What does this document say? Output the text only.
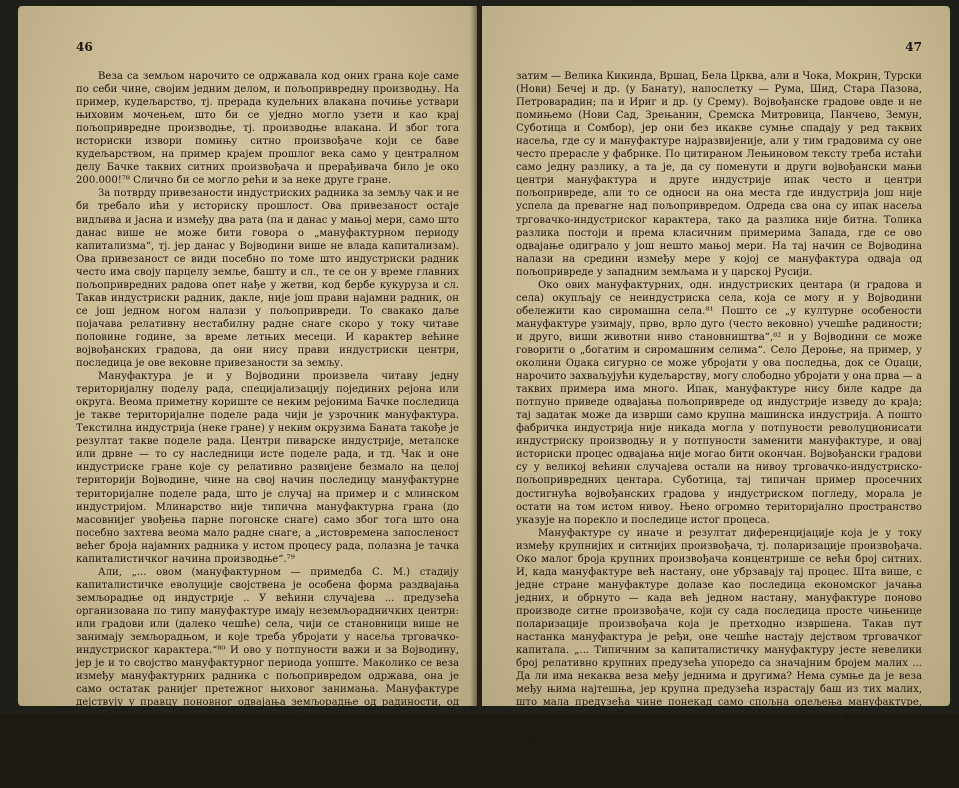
46

Веза са земљом нарочито се одржавала код оних грана које саме по себи чине, својим једним делом, и пољопривредну производњу. На пример, кудељарство, тј. прерада кудељних влакана почиње уствари њиховим мочењем, што би се уједно могло узети и као крај пољопривредне производње, тј. производње влакана. И због тога историски извори помињу ситно произвођаче који се баве кудељарством, на пример крајем прошлог века само у централном делу Бачке таквих ситних произвођача и прерађивача било је око 200.000!⁷⁸ Слично би се могло рећи и за неке друге гране.

За потврду привезаности индустриских радника за земљу чак и не би требало ићи у историску прошлост. Ова привезаност остаје видљива и јасна и између два рата (па и данас у мањој мери, само што данас више не може бити говора о „мануфактурном периоду капитализма“, тј. јер данас у Војводини више не влада капитализам). Ова привезаност се види посебно по томе што индустриски радник често има своју парцелу земље, башту и сл., те се он у време главних пољопривредних радова опет нађе у жетви, код бербе кукуруза и сл. Такав индустриски радник, дакле, није још прави најамни радник, он се још једном ногом налази у пољопривреди. То свакако даље појачава релативну нестабилну радне снаге скоро у току читаве половине године, за време летњих месеци. И карактер већине војвођанских градова, да они нису прави индустриски центри, последица је ове вековне привезаности за земљу.

Мануфактура је и у Војводини произвела читаву једну територијалну поделу рада, специјализацију појединих рејона или округа. Веома приметну кориште се неким рејонима Бачке последица је такве територијалне поделе рада чији је узрочник мануфактура. Текстилна индустрија (неке гране) у неким окрузима Баната такође је резултат такве поделе рада. Центри пиварске индустрије, металске или дрвне — то су наследници исте поделе рада, и тд. Чак и оне индустриске гране које су релативно развијене безмало на целој територији Војводине, чине на свој начин последицу мануфактурне територијалне поделе рада, што је случај на пример и с млинском индустријом. Млинарство није типична мануфактурна грана (до масовнијег увођења парне погонске снаге) само због тога што она посебно захтева веома мало радне снаге, а „истовремена запосленост већег броја најамних радника у истом процесу рада, полазна је тачка капиталистичког начина производње“.⁷⁹

Али, „... овом (мануфактурном — примедба С. М.) стадију капиталистичке еволуције својствена је особена форма раздвајања земљорадње од индустрије .. У већини случајева ... предузећа организована по типу мануфактуре имају неземљорадничких центри: или градови или (далеко чешће) села, чији се становници више не занимају земљорадњом, и које треба убројати у насеља трговачко-индустриског карактера.“⁸⁰ И ово у потпуности важи и за Војводину, јер је и то својство мануфактурног периода уопште. Маколико се веза између мануфактурних радника с пољопривредом одржава, она је само остатак ранијег претежног њиховог занимања. Мануфактуре дејствују у правцу поновног одвајања земљорадње од радиности, од индустрије (некада се ово одвајање одигравало између земљорадње и занатства). Плод тог раздвајања, то су — војвођанска трговачко-индустриска места (опет ређе градови, а много чешће села која ипак чине знатну концентрацију становништва. Таква су места: Апатин, Бечеј, Паланка, Врбас, Оџаци, Кула, Црвенка, па чак и Букљес, Торжа и др. (у Бачкој),

47

затим — Велика Кикинда, Вршац, Бела Црква, али и Чока, Мокрин, Турски (Нови) Бечеј и др. (у Банату), напослетку — Рума, Шид, Стара Пазова, Петроварадин; па и Ириг и др. (у Срему). Војвођанске градове овде и не помињемо (Нови Сад, Зрењанин, Сремска Митровица, Панчево, Земун, Суботица и Сомбор), јер они без икакве сумње спадају у ред таквих насеља, где су и мануфактуре најразвијеније, али у тим градовима су оне често прерасле у фабрике. По цитираном Лењиновом тексту треба истаћи само једну разлику, а та је, да су поменути и други војвођански мањи центри мануфактура и друге индустрије ипак често и центри пољопривреде, али то се односи на она места где индустрија још није успела да превагне над пољопривредом. Одреда сва она су ипак насеља трговачко-индустриског карактера, тако да разлика није битна. Толика разлика постоји и према класичним примерима Запада, где се ово одвајање одиграло у још нешто мањој мери. На тај начин се Војводина налази на средини између мере у којој се мануфактура одваја од пољопривреде у западним земљама и у царској Русији.

Око ових мануфактурних, одн. индустриских центара (и градова и села) окупљају се неиндустриска села, која се могу и у Војводини обележити као сиромашна села.⁸¹ Пошто се „у културне особености мануфактуре узимају, прво, врло дуго (често вековно) учешће радиности; и друго, виши животни ниво становништва“,⁸² и у Војводини се може говорити о „богатим и сиромашним селима“. Село Дероње, на пример, у околини Оџака сигурно се може убројати у ова последња, док се Оџаци, нарочито захваљујући кудељарству, могу слободно убројати у она прва — а таквих примера има много. Ипак, мануфактуре нису биле кадре да потпуно приведе одвајања пољопривреде од индустрије изведу до краја; тај задатак може да изврши само крупна машинска индустрија. А пошто фабричка индустрија није никада могла у потпуности револуционисати индустриску производњу и у потпуности заменити мануфактуре, и овај историски процес одвајања није могао бити окончан. Војвођански градови су у великој већини случајева остали на нивоу трговачко-индустриско-пољопривредних центара. Суботица, тај типичан пример просечних достигнућа војвођанских градова у индустриском погледу, морала је остати на том истом нивоу. Њено огромно територијално пространство указује на порекло и последице истог процеса.

Мануфактуре су иначе и резултат диференцијације која је у току између крупнијих и ситнијих произвођача, тј. поларизације произвођача. Око малог броја крупних произвођача концентрише се већи број ситних. И, када мануфактуре већ настану, оне убрзавају тај процес. Шта више, с једне стране мануфактуре долазе као последица економског јачања једних, и обрнуто — када већ једном настану, мануфактуре поново производе ситне произвођаче, који су сада последица просте чињенице поларизације произвођача која је претходно извршена. Такав пут настанка мануфактура је ређи, оне чешће настају дејством трговачког капитала. „... Типичним за капиталистичку мануфактуру јесте невелики број релативно крупних предузећа упоредо са значајним бројем малих ... Да ли има некаква веза међу једнима и другима? Нема сумње да је веза међу њима најтешња, јер крупна предузећа израстају баш из тих малих, што мала предузећа чине понекад само спољна одељења мануфактуре, што у огромном броју случајева везу међу једнима и другима чини трговачки капитал који припада крупним газдинствима и потчињавајући себи ситна.“⁸³
